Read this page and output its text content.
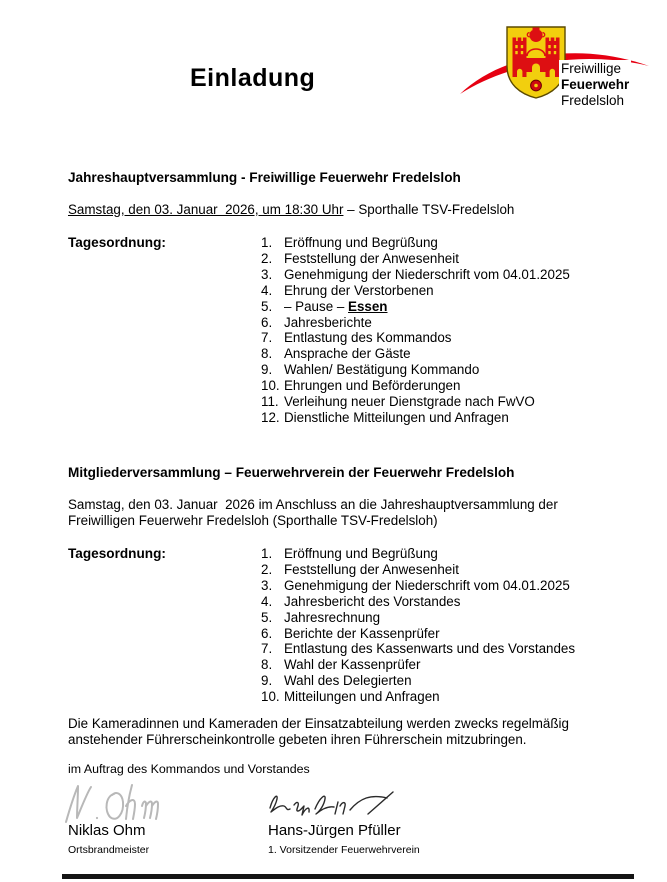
Einladung	Freiwillige
Feuerwehr
Fredelsloh
Jahreshauptversammlung - Freiwillige Feuerwehr Fredelsloh
Samstag, den 03. Januar  2026, um 18:30 Uhr – Sporthalle TSV-Fredelsloh
Tagesordnung:	1. Eröffnung und Begrüßung
2. Feststellung der Anwesenheit
3. Genehmigung der Niederschrift vom 04.01.2025
4. Ehrung der Verstorbenen
5. – Pause – Essen
6. Jahresberichte
7. Entlastung des Kommandos
8. Ansprache der Gäste
9. Wahlen/ Bestätigung Kommando
10. Ehrungen und Beförderungen
11. Verleihung neuer Dienstgrade nach FwVO
12. Dienstliche Mitteilungen und Anfragen
Mitgliederversammlung – Feuerwehrverein der Feuerwehr Fredelsloh
Samstag, den 03. Januar  2026 im Anschluss an die Jahreshauptversammlung der
Freiwilligen Feuerwehr Fredelsloh (Sporthalle TSV-Fredelsloh)
Tagesordnung:	1. Eröffnung und Begrüßung
2. Feststellung der Anwesenheit
3. Genehmigung der Niederschrift vom 04.01.2025
4. Jahresbericht des Vorstandes
5. Jahresrechnung
6. Berichte der Kassenprüfer
7. Entlastung des Kassenwarts und des Vorstandes
8. Wahl der Kassenprüfer
9. Wahl des Delegierten
10. Mitteilungen und Anfragen
Die Kameradinnen und Kameraden der Einsatzabteilung werden zwecks regelmäßig
anstehender Führerscheinkontrolle gebeten ihren Führerschein mitzubringen.
im Auftrag des Kommandos und Vorstandes
Niklas Ohm
Ortsbrandmeister
Hans-Jürgen Pfüller
1. Vorsitzender Feuerwehrverein
